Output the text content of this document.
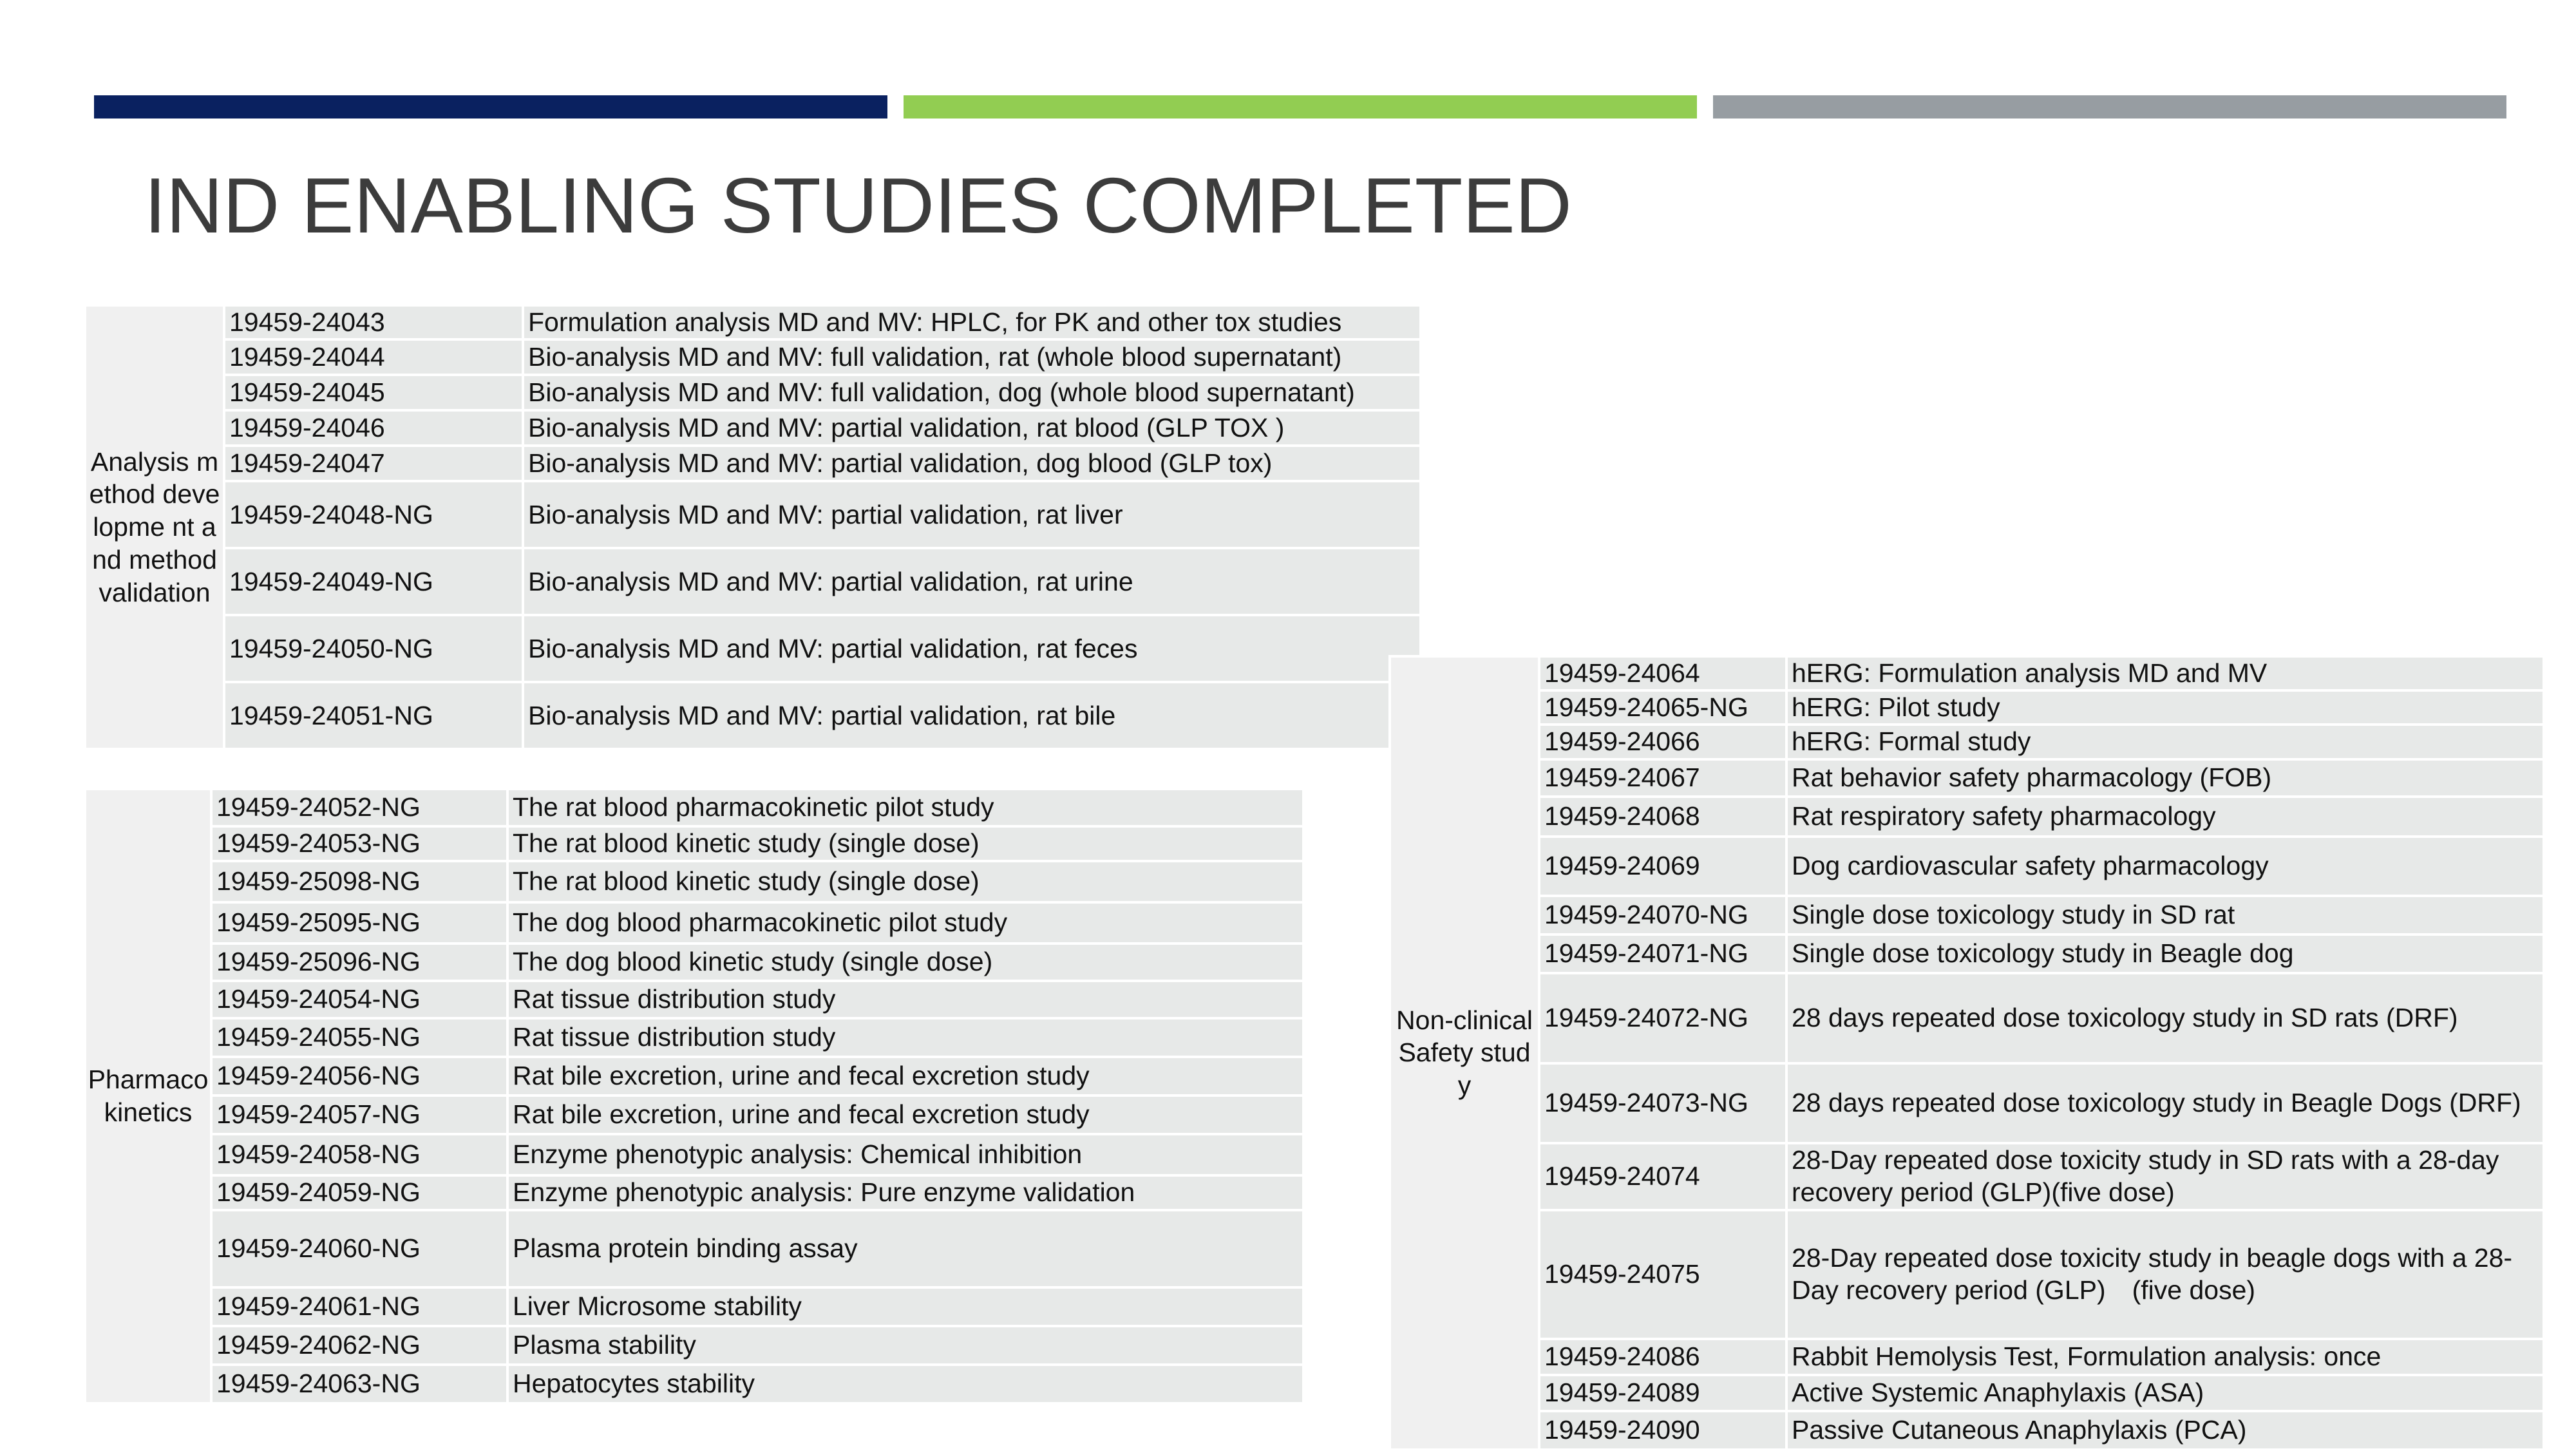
IND ENABLING STUDIES COMPLETED
Analysis method developme nt and method validation	19459-24043	Formulation analysis MD and MV: HPLC, for PK and other tox studies
	19459-24044	Bio-analysis MD and MV: full validation, rat (whole blood supernatant)
	19459-24045	Bio-analysis MD and MV: full validation, dog (whole blood supernatant)
	19459-24046	Bio-analysis MD and MV: partial validation, rat blood (GLP TOX )
	19459-24047	Bio-analysis MD and MV: partial validation, dog blood (GLP tox)
	19459-24048-NG	Bio-analysis MD and MV: partial validation, rat liver
	19459-24049-NG	Bio-analysis MD and MV: partial validation, rat urine
	19459-24050-NG	Bio-analysis MD and MV: partial validation, rat feces
	19459-24051-NG	Bio-analysis MD and MV: partial validation, rat bile
Pharmaco kinetics	19459-24052-NG	The rat blood pharmacokinetic pilot study
	19459-24053-NG	The rat blood kinetic study (single dose)
	19459-25098-NG	The rat blood kinetic study (single dose)
	19459-25095-NG	The dog blood pharmacokinetic pilot study
	19459-25096-NG	The dog blood kinetic study (single dose)
	19459-24054-NG	Rat tissue distribution study
	19459-24055-NG	Rat tissue distribution study
	19459-24056-NG	Rat bile excretion, urine and fecal excretion study
	19459-24057-NG	Rat bile excretion, urine and fecal excretion study
	19459-24058-NG	Enzyme phenotypic analysis: Chemical inhibition
	19459-24059-NG	Enzyme phenotypic analysis: Pure enzyme validation
	19459-24060-NG	Plasma protein binding assay
	19459-24061-NG	Liver Microsome stability
	19459-24062-NG	Plasma stability
	19459-24063-NG	Hepatocytes stability
Non-clinical Safety study	19459-24064	hERG: Formulation analysis MD and MV
	19459-24065-NG	hERG: Pilot study
	19459-24066	hERG: Formal study
	19459-24067	Rat behavior safety pharmacology (FOB)
	19459-24068	Rat respiratory safety pharmacology
	19459-24069	Dog cardiovascular safety pharmacology
	19459-24070-NG	Single dose toxicology study in SD rat
	19459-24071-NG	Single dose toxicology study in Beagle dog
	19459-24072-NG	28 days repeated dose toxicology study in SD rats (DRF)
	19459-24073-NG	28 days repeated dose toxicology study in Beagle Dogs (DRF)
	19459-24074	28-Day repeated dose toxicity study in SD rats with a 28-day recovery period (GLP)(five dose)
	19459-24075	28-Day repeated dose toxicity study in beagle dogs with a 28-Day recovery period (GLP)　(five dose)
	19459-24086	Rabbit Hemolysis Test, Formulation analysis: once
	19459-24089	Active Systemic Anaphylaxis (ASA)
	19459-24090	Passive Cutaneous Anaphylaxis (PCA)
